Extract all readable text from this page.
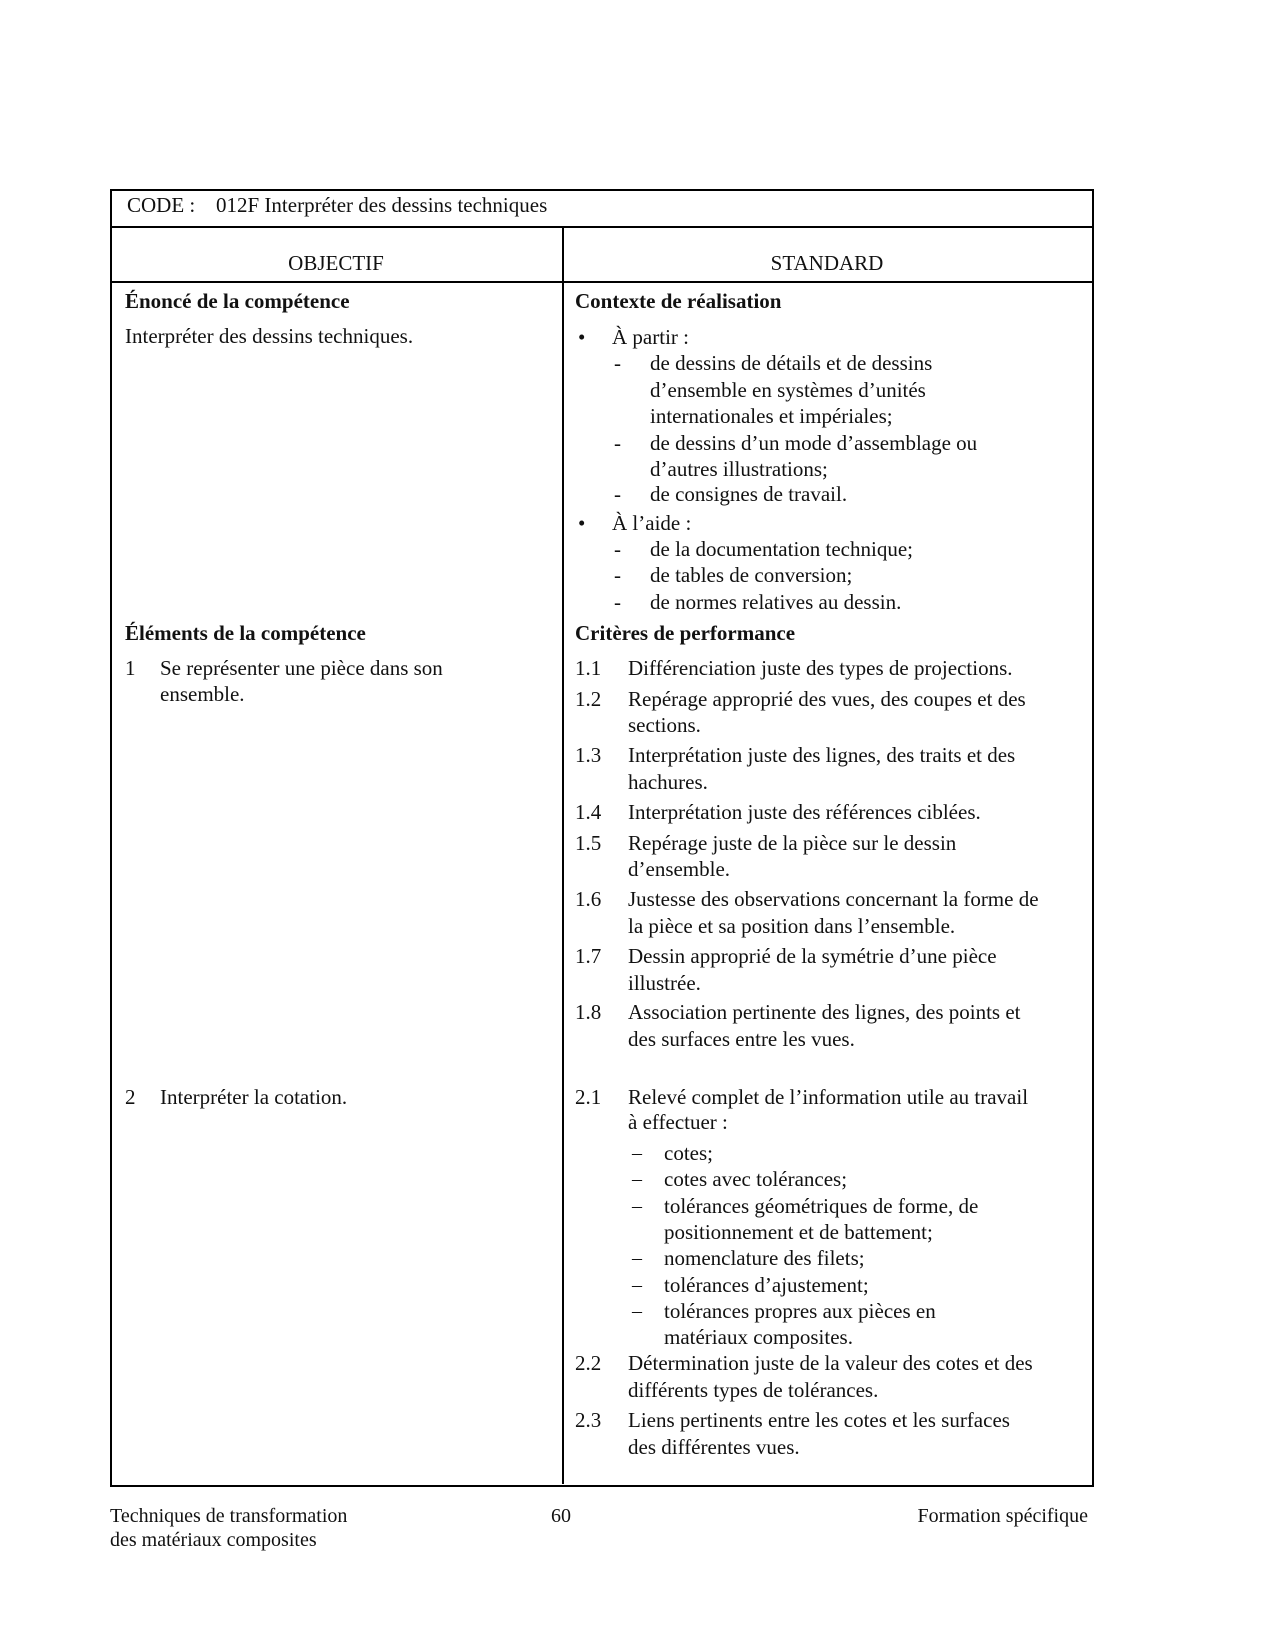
CODE : 012F Interpréter des dessins techniques
OBJECTIF	STANDARD
Énoncé de la compétence
Interpréter des dessins techniques.
Éléments de la compétence
1 Se représenter une pièce dans son
ensemble.
2 Interpréter la cotation.
Contexte de réalisation
• À partir :
- de dessins de détails et de dessins
d’ensemble en systèmes d’unités
internationales et impériales;
- de dessins d’un mode d’assemblage ou
d’autres illustrations;
- de consignes de travail.
• À l’aide :
- de la documentation technique;
- de tables de conversion;
- de normes relatives au dessin.
Critères de performance
1.1 Différenciation juste des types de projections.
1.2 Repérage approprié des vues, des coupes et des
sections.
1.3 Interprétation juste des lignes, des traits et des
hachures.
1.4 Interprétation juste des références ciblées.
1.5 Repérage juste de la pièce sur le dessin
d’ensemble.
1.6 Justesse des observations concernant la forme de
la pièce et sa position dans l’ensemble.
1.7 Dessin approprié de la symétrie d’une pièce
illustrée.
1.8 Association pertinente des lignes, des points et
des surfaces entre les vues.
2.1 Relevé complet de l’information utile au travail
à effectuer :
– cotes;
– cotes avec tolérances;
– tolérances géométriques de forme, de
positionnement et de battement;
– nomenclature des filets;
– tolérances d’ajustement;
– tolérances propres aux pièces en
matériaux composites.
2.2 Détermination juste de la valeur des cotes et des
différents types de tolérances.
2.3 Liens pertinents entre les cotes et les surfaces
des différentes vues.
Techniques de transformation
des matériaux composites
60	Formation spécifique
